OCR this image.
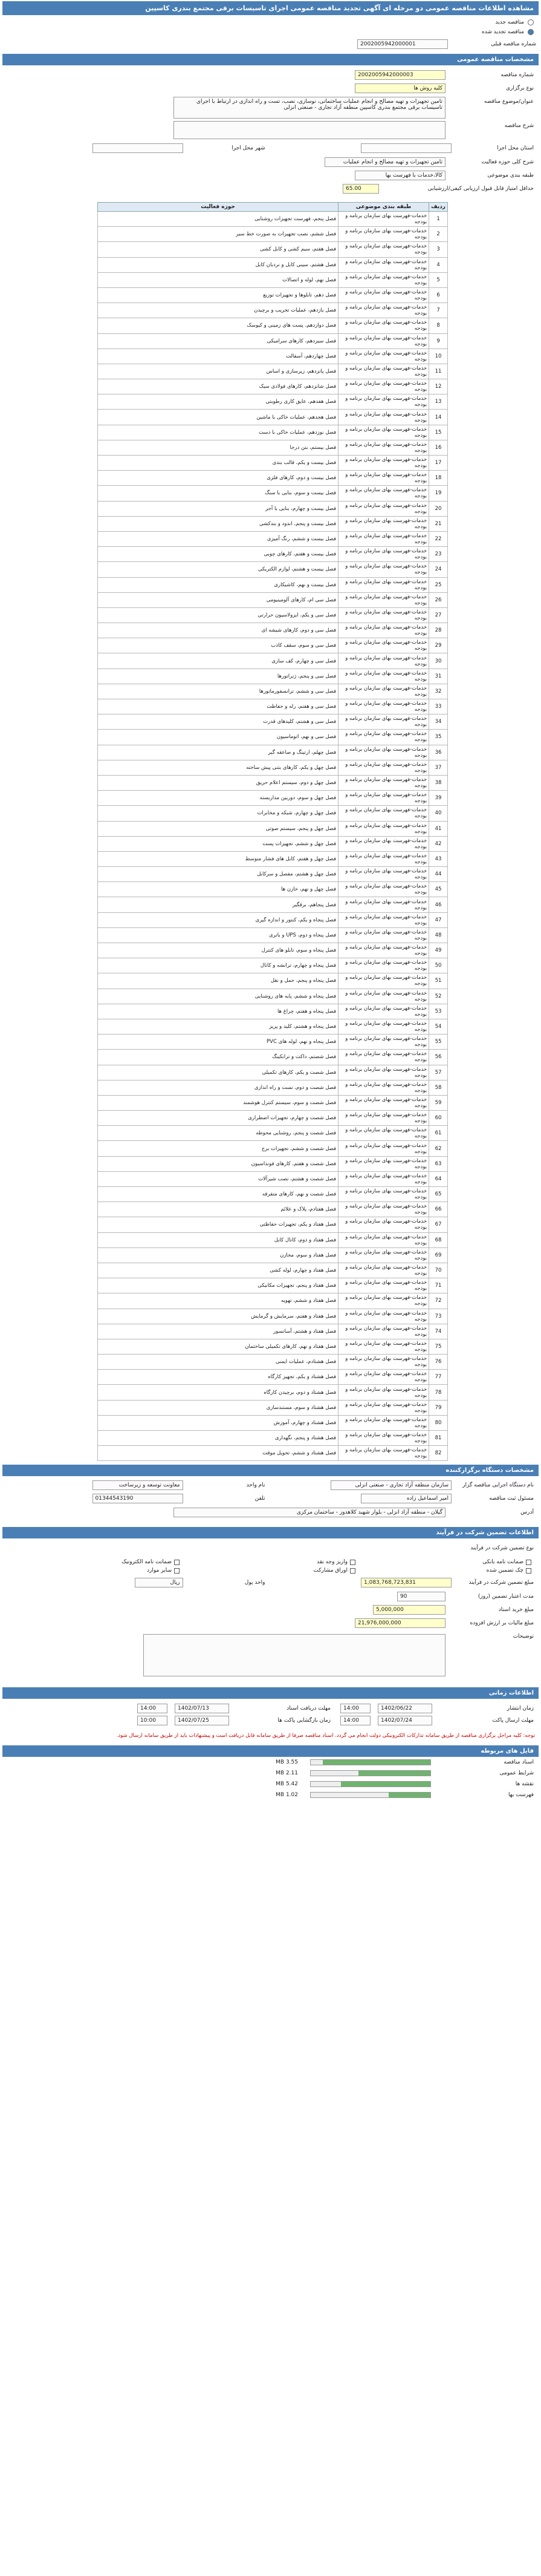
مشاهده اطلاعات مناقصه عمومی دو مرحله ای آگهی تجدید مناقصه عمومی اجرای تاسیسات برقی مجتمع بندری کاسپین
مناقصه جدید
مناقصه تجدید شده
شماره مناقصه قبلی
2002005942000001
مشخصات مناقصه عمومی
شماره مناقصه
2002005942000003
نوع برگزاری
کلیه روش ها
عنوان/موضوع مناقصه
تامین تجهیزات و تهیه مصالح و انجام عملیات ساختمانی، نوسازی، نصب، تست و راه اندازی در ارتباط با اجرای تاسیسات برقی مجتمع بندری کاسپین منطقه آزاد تجاری - صنعتی انزلی
شرح مناقصه
استان محل اجرا
شهر محل اجرا
شرح کلی حوزه فعالیت
تامین تجهیزات و تهیه مصالح و انجام عملیات
طبقه بندی موضوعی
کالا،خدمات با فهرست بها
حداقل امتیاز قابل قبول ارزیابی کیفی/ارزشیابی
65.00
ردیف	طبقه بندی موضوعی	حوزه فعالیت
1	خدمات-فهرست بهای سازمان برنامه و بودجه	فصل پنجم، فهرست تجهیزات روشنایی
2	خدمات-فهرست بهای سازمان برنامه و بودجه	فصل ششم، نصب تجهیزات به صورت خط سیر
3	خدمات-فهرست بهای سازمان برنامه و بودجه	فصل هفتم، سیم کشی و کابل کشی
4	خدمات-فهرست بهای سازمان برنامه و بودجه	فصل هشتم، سینی کابل و نردبان کابل
5	خدمات-فهرست بهای سازمان برنامه و بودجه	فصل نهم، لوله و اتصالات
6	خدمات-فهرست بهای سازمان برنامه و بودجه	فصل دهم، تابلوها و تجهیزات توزیع
7	خدمات-فهرست بهای سازمان برنامه و بودجه	فصل یازدهم، عملیات تخریب و برچیدن
8	خدمات-فهرست بهای سازمان برنامه و بودجه	فصل دوازدهم، پست های زمینی و کیوسک
9	خدمات-فهرست بهای سازمان برنامه و بودجه	فصل سیزدهم، کارهای سرامیکی
10	خدمات-فهرست بهای سازمان برنامه و بودجه	فصل چهاردهم، آسفالت
11	خدمات-فهرست بهای سازمان برنامه و بودجه	فصل پانزدهم، زیرسازی و اساس
12	خدمات-فهرست بهای سازمان برنامه و بودجه	فصل شانزدهم، کارهای فولادی سبک
13	خدمات-فهرست بهای سازمان برنامه و بودجه	فصل هفدهم، عایق کاری رطوبتی
14	خدمات-فهرست بهای سازمان برنامه و بودجه	فصل هجدهم، عملیات خاکی با ماشین
15	خدمات-فهرست بهای سازمان برنامه و بودجه	فصل نوزدهم، عملیات خاکی با دست
16	خدمات-فهرست بهای سازمان برنامه و بودجه	فصل بیستم، بتن درجا
17	خدمات-فهرست بهای سازمان برنامه و بودجه	فصل بیست و یکم، قالب بندی
18	خدمات-فهرست بهای سازمان برنامه و بودجه	فصل بیست و دوم، کارهای فلزی
19	خدمات-فهرست بهای سازمان برنامه و بودجه	فصل بیست و سوم، بنایی با سنگ
20	خدمات-فهرست بهای سازمان برنامه و بودجه	فصل بیست و چهارم، بنایی با آجر
21	خدمات-فهرست بهای سازمان برنامه و بودجه	فصل بیست و پنجم، اندود و بندکشی
22	خدمات-فهرست بهای سازمان برنامه و بودجه	فصل بیست و ششم، رنگ آمیزی
23	خدمات-فهرست بهای سازمان برنامه و بودجه	فصل بیست و هفتم، کارهای چوبی
24	خدمات-فهرست بهای سازمان برنامه و بودجه	فصل بیست و هشتم، لوازم الکتریکی
25	خدمات-فهرست بهای سازمان برنامه و بودجه	فصل بیست و نهم، کاشیکاری
26	خدمات-فهرست بهای سازمان برنامه و بودجه	فصل سی ام، کارهای آلومینیومی
27	خدمات-فهرست بهای سازمان برنامه و بودجه	فصل سی و یکم، ایزولاسیون حرارتی
28	خدمات-فهرست بهای سازمان برنامه و بودجه	فصل سی و دوم، کارهای شیشه ای
29	خدمات-فهرست بهای سازمان برنامه و بودجه	فصل سی و سوم، سقف کاذب
30	خدمات-فهرست بهای سازمان برنامه و بودجه	فصل سی و چهارم، کف سازی
31	خدمات-فهرست بهای سازمان برنامه و بودجه	فصل سی و پنجم، ژنراتورها
32	خدمات-فهرست بهای سازمان برنامه و بودجه	فصل سی و ششم، ترانسفورماتورها
33	خدمات-فهرست بهای سازمان برنامه و بودجه	فصل سی و هفتم، رله و حفاظت
34	خدمات-فهرست بهای سازمان برنامه و بودجه	فصل سی و هشتم، کلیدهای قدرت
35	خدمات-فهرست بهای سازمان برنامه و بودجه	فصل سی و نهم، اتوماسیون
36	خدمات-فهرست بهای سازمان برنامه و بودجه	فصل چهلم، ارتینگ و صاعقه گیر
37	خدمات-فهرست بهای سازمان برنامه و بودجه	فصل چهل و یکم، کارهای بتنی پیش ساخته
38	خدمات-فهرست بهای سازمان برنامه و بودجه	فصل چهل و دوم، سیستم اعلام حریق
39	خدمات-فهرست بهای سازمان برنامه و بودجه	فصل چهل و سوم، دوربین مداربسته
40	خدمات-فهرست بهای سازمان برنامه و بودجه	فصل چهل و چهارم، شبکه و مخابرات
41	خدمات-فهرست بهای سازمان برنامه و بودجه	فصل چهل و پنجم، سیستم صوتی
42	خدمات-فهرست بهای سازمان برنامه و بودجه	فصل چهل و ششم، تجهیزات پست
43	خدمات-فهرست بهای سازمان برنامه و بودجه	فصل چهل و هفتم، کابل های فشار متوسط
44	خدمات-فهرست بهای سازمان برنامه و بودجه	فصل چهل و هشتم، مفصل و سرکابل
45	خدمات-فهرست بهای سازمان برنامه و بودجه	فصل چهل و نهم، خازن ها
46	خدمات-فهرست بهای سازمان برنامه و بودجه	فصل پنجاهم، برقگیر
47	خدمات-فهرست بهای سازمان برنامه و بودجه	فصل پنجاه و یکم، کنتور و اندازه گیری
48	خدمات-فهرست بهای سازمان برنامه و بودجه	فصل پنجاه و دوم، UPS و باتری
49	خدمات-فهرست بهای سازمان برنامه و بودجه	فصل پنجاه و سوم، تابلو های کنترل
50	خدمات-فهرست بهای سازمان برنامه و بودجه	فصل پنجاه و چهارم، ترانشه و کانال
51	خدمات-فهرست بهای سازمان برنامه و بودجه	فصل پنجاه و پنجم، حمل و نقل
52	خدمات-فهرست بهای سازمان برنامه و بودجه	فصل پنجاه و ششم، پایه های روشنایی
53	خدمات-فهرست بهای سازمان برنامه و بودجه	فصل پنجاه و هفتم، چراغ ها
54	خدمات-فهرست بهای سازمان برنامه و بودجه	فصل پنجاه و هشتم، کلید و پریز
55	خدمات-فهرست بهای سازمان برنامه و بودجه	فصل پنجاه و نهم، لوله های PVC
56	خدمات-فهرست بهای سازمان برنامه و بودجه	فصل شصتم، داکت و ترانکینگ
57	خدمات-فهرست بهای سازمان برنامه و بودجه	فصل شصت و یکم، کارهای تکمیلی
58	خدمات-فهرست بهای سازمان برنامه و بودجه	فصل شصت و دوم، تست و راه اندازی
59	خدمات-فهرست بهای سازمان برنامه و بودجه	فصل شصت و سوم، سیستم کنترل هوشمند
60	خدمات-فهرست بهای سازمان برنامه و بودجه	فصل شصت و چهارم، تجهیزات اضطراری
61	خدمات-فهرست بهای سازمان برنامه و بودجه	فصل شصت و پنجم، روشنایی محوطه
62	خدمات-فهرست بهای سازمان برنامه و بودجه	فصل شصت و ششم، تجهیزات برج
63	خدمات-فهرست بهای سازمان برنامه و بودجه	فصل شصت و هفتم، کارهای فونداسیون
64	خدمات-فهرست بهای سازمان برنامه و بودجه	فصل شصت و هشتم، نصب شیرآلات
65	خدمات-فهرست بهای سازمان برنامه و بودجه	فصل شصت و نهم، کارهای متفرقه
66	خدمات-فهرست بهای سازمان برنامه و بودجه	فصل هفتادم، پلاک و علائم
67	خدمات-فهرست بهای سازمان برنامه و بودجه	فصل هفتاد و یکم، تجهیزات حفاظتی
68	خدمات-فهرست بهای سازمان برنامه و بودجه	فصل هفتاد و دوم، کانال کابل
69	خدمات-فهرست بهای سازمان برنامه و بودجه	فصل هفتاد و سوم، مخازن
70	خدمات-فهرست بهای سازمان برنامه و بودجه	فصل هفتاد و چهارم، لوله کشی
71	خدمات-فهرست بهای سازمان برنامه و بودجه	فصل هفتاد و پنجم، تجهیزات مکانیکی
72	خدمات-فهرست بهای سازمان برنامه و بودجه	فصل هفتاد و ششم، تهویه
73	خدمات-فهرست بهای سازمان برنامه و بودجه	فصل هفتاد و هفتم، سرمایش و گرمایش
74	خدمات-فهرست بهای سازمان برنامه و بودجه	فصل هفتاد و هشتم، آسانسور
75	خدمات-فهرست بهای سازمان برنامه و بودجه	فصل هفتاد و نهم، کارهای تکمیلی ساختمان
76	خدمات-فهرست بهای سازمان برنامه و بودجه	فصل هشتادم، عملیات ایمنی
77	خدمات-فهرست بهای سازمان برنامه و بودجه	فصل هشتاد و یکم، تجهیز کارگاه
78	خدمات-فهرست بهای سازمان برنامه و بودجه	فصل هشتاد و دوم، برچیدن کارگاه
79	خدمات-فهرست بهای سازمان برنامه و بودجه	فصل هشتاد و سوم، مستندسازی
80	خدمات-فهرست بهای سازمان برنامه و بودجه	فصل هشتاد و چهارم، آموزش
81	خدمات-فهرست بهای سازمان برنامه و بودجه	فصل هشتاد و پنجم، نگهداری
82	خدمات-فهرست بهای سازمان برنامه و بودجه	فصل هشتاد و ششم، تحویل موقت
مشخصات دستگاه برگزارکننده
نام دستگاه اجرایی مناقصه گزار
سازمان منطقه آزاد تجاری - صنعتی انزلی
نام واحد
معاونت توسعه و زیرساخت
مسئول ثبت مناقصه
امیر اسماعیل زاده
تلفن
01344543190
آدرس
گیلان - منطقه آزاد انزلی - بلوار شهید کلاهدوز - ساختمان مرکزی
اطلاعات تضمین شرکت در فرآیند
نوع تضمین شرکت در فرآیند
ضمانت نامه بانکی
واریز وجه نقد
ضمانت نامه الکترونیک
چک تضمین شده
اوراق مشارکت
سایر موارد
مبلغ تضمین شرکت در فرآیند
1,083,768,723,831
واحد پول
ریال
مدت اعتبار تضمین (روز)
90
مبلغ خرید اسناد
5,000,000
مبلغ مالیات بر ارزش افزوده
21,976,000,000
توضیحات
اطلاعات زمانی
زمان انتشار
1402/06/22
14:00
مهلت دریافت اسناد
1402/07/13
14:00
مهلت ارسال پاکت
1402/07/24
14:00
زمان بازگشایی پاکت ها
1402/07/25
10:00
توجه: کلیه مراحل برگزاری مناقصه از طریق سامانه تدارکات الکترونیکی دولت انجام می گردد. اسناد مناقصه صرفا از طریق سامانه قابل دریافت است و پیشنهادات باید از طریق سامانه ارسال شود.
فایل های مربوطه
اسناد مناقصه
3.55 MB
شرایط عمومی
2.11 MB
نقشه ها
5.42 MB
فهرست بها
1.02 MB
